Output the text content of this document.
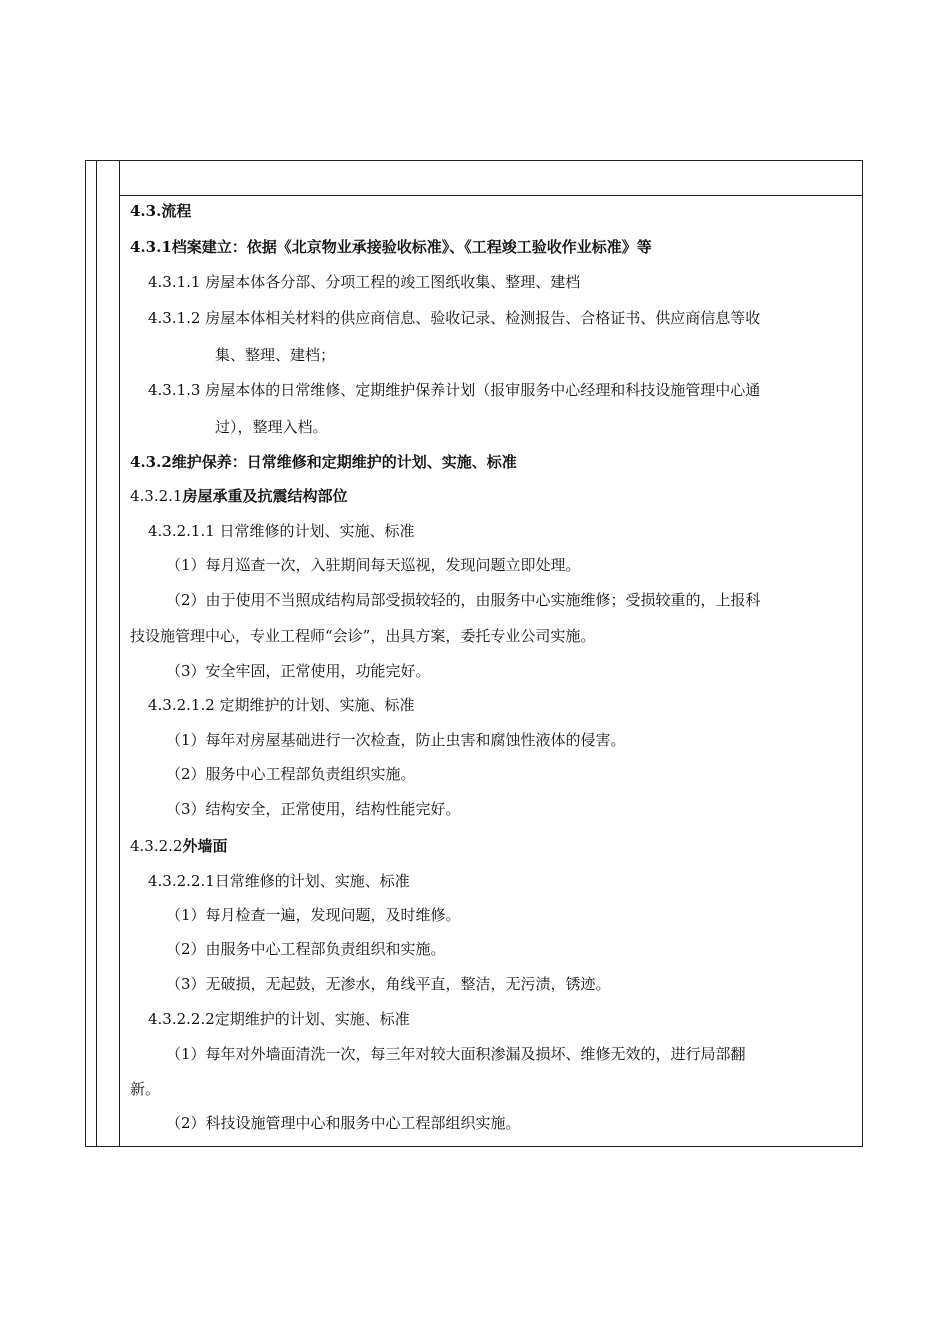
4.3.流程
4.3.1档案建立：依据《北京物业承接验收标准》、《工程竣工验收作业标准》等
4.3.1.1 房屋本体各分部、分项工程的竣工图纸收集、整理、建档
4.3.1.2 房屋本体相关材料的供应商信息、验收记录、检测报告、合格证书、供应商信息等收
集、整理、建档；
4.3.1.3 房屋本体的日常维修、定期维护保养计划（报审服务中心经理和科技设施管理中心通
过），整理入档。
4.3.2维护保养：日常维修和定期维护的计划、实施、标准
4.3.2.1房屋承重及抗震结构部位
4.3.2.1.1 日常维修的计划、实施、标准
（1）每月巡查一次，入驻期间每天巡视，发现问题立即处理。
（2）由于使用不当照成结构局部受损较轻的，由服务中心实施维修；受损较重的，上报科
技设施管理中心，专业工程师“会诊”，出具方案，委托专业公司实施。
（3）安全牢固，正常使用，功能完好。
4.3.2.1.2 定期维护的计划、实施、标准
（1）每年对房屋基础进行一次检查，防止虫害和腐蚀性液体的侵害。
（2）服务中心工程部负责组织实施。
（3）结构安全，正常使用，结构性能完好。
4.3.2.2外墙面
4.3.2.2.1日常维修的计划、实施、标准
（1）每月检查一遍，发现问题，及时维修。
（2）由服务中心工程部负责组织和实施。
（3）无破损，无起鼓，无渗水，角线平直，整洁，无污渍，锈迹。
4.3.2.2.2定期维护的计划、实施、标准
（1）每年对外墙面清洗一次，每三年对较大面积渗漏及损坏、维修无效的，进行局部翻
新。
（2）科技设施管理中心和服务中心工程部组织实施。
